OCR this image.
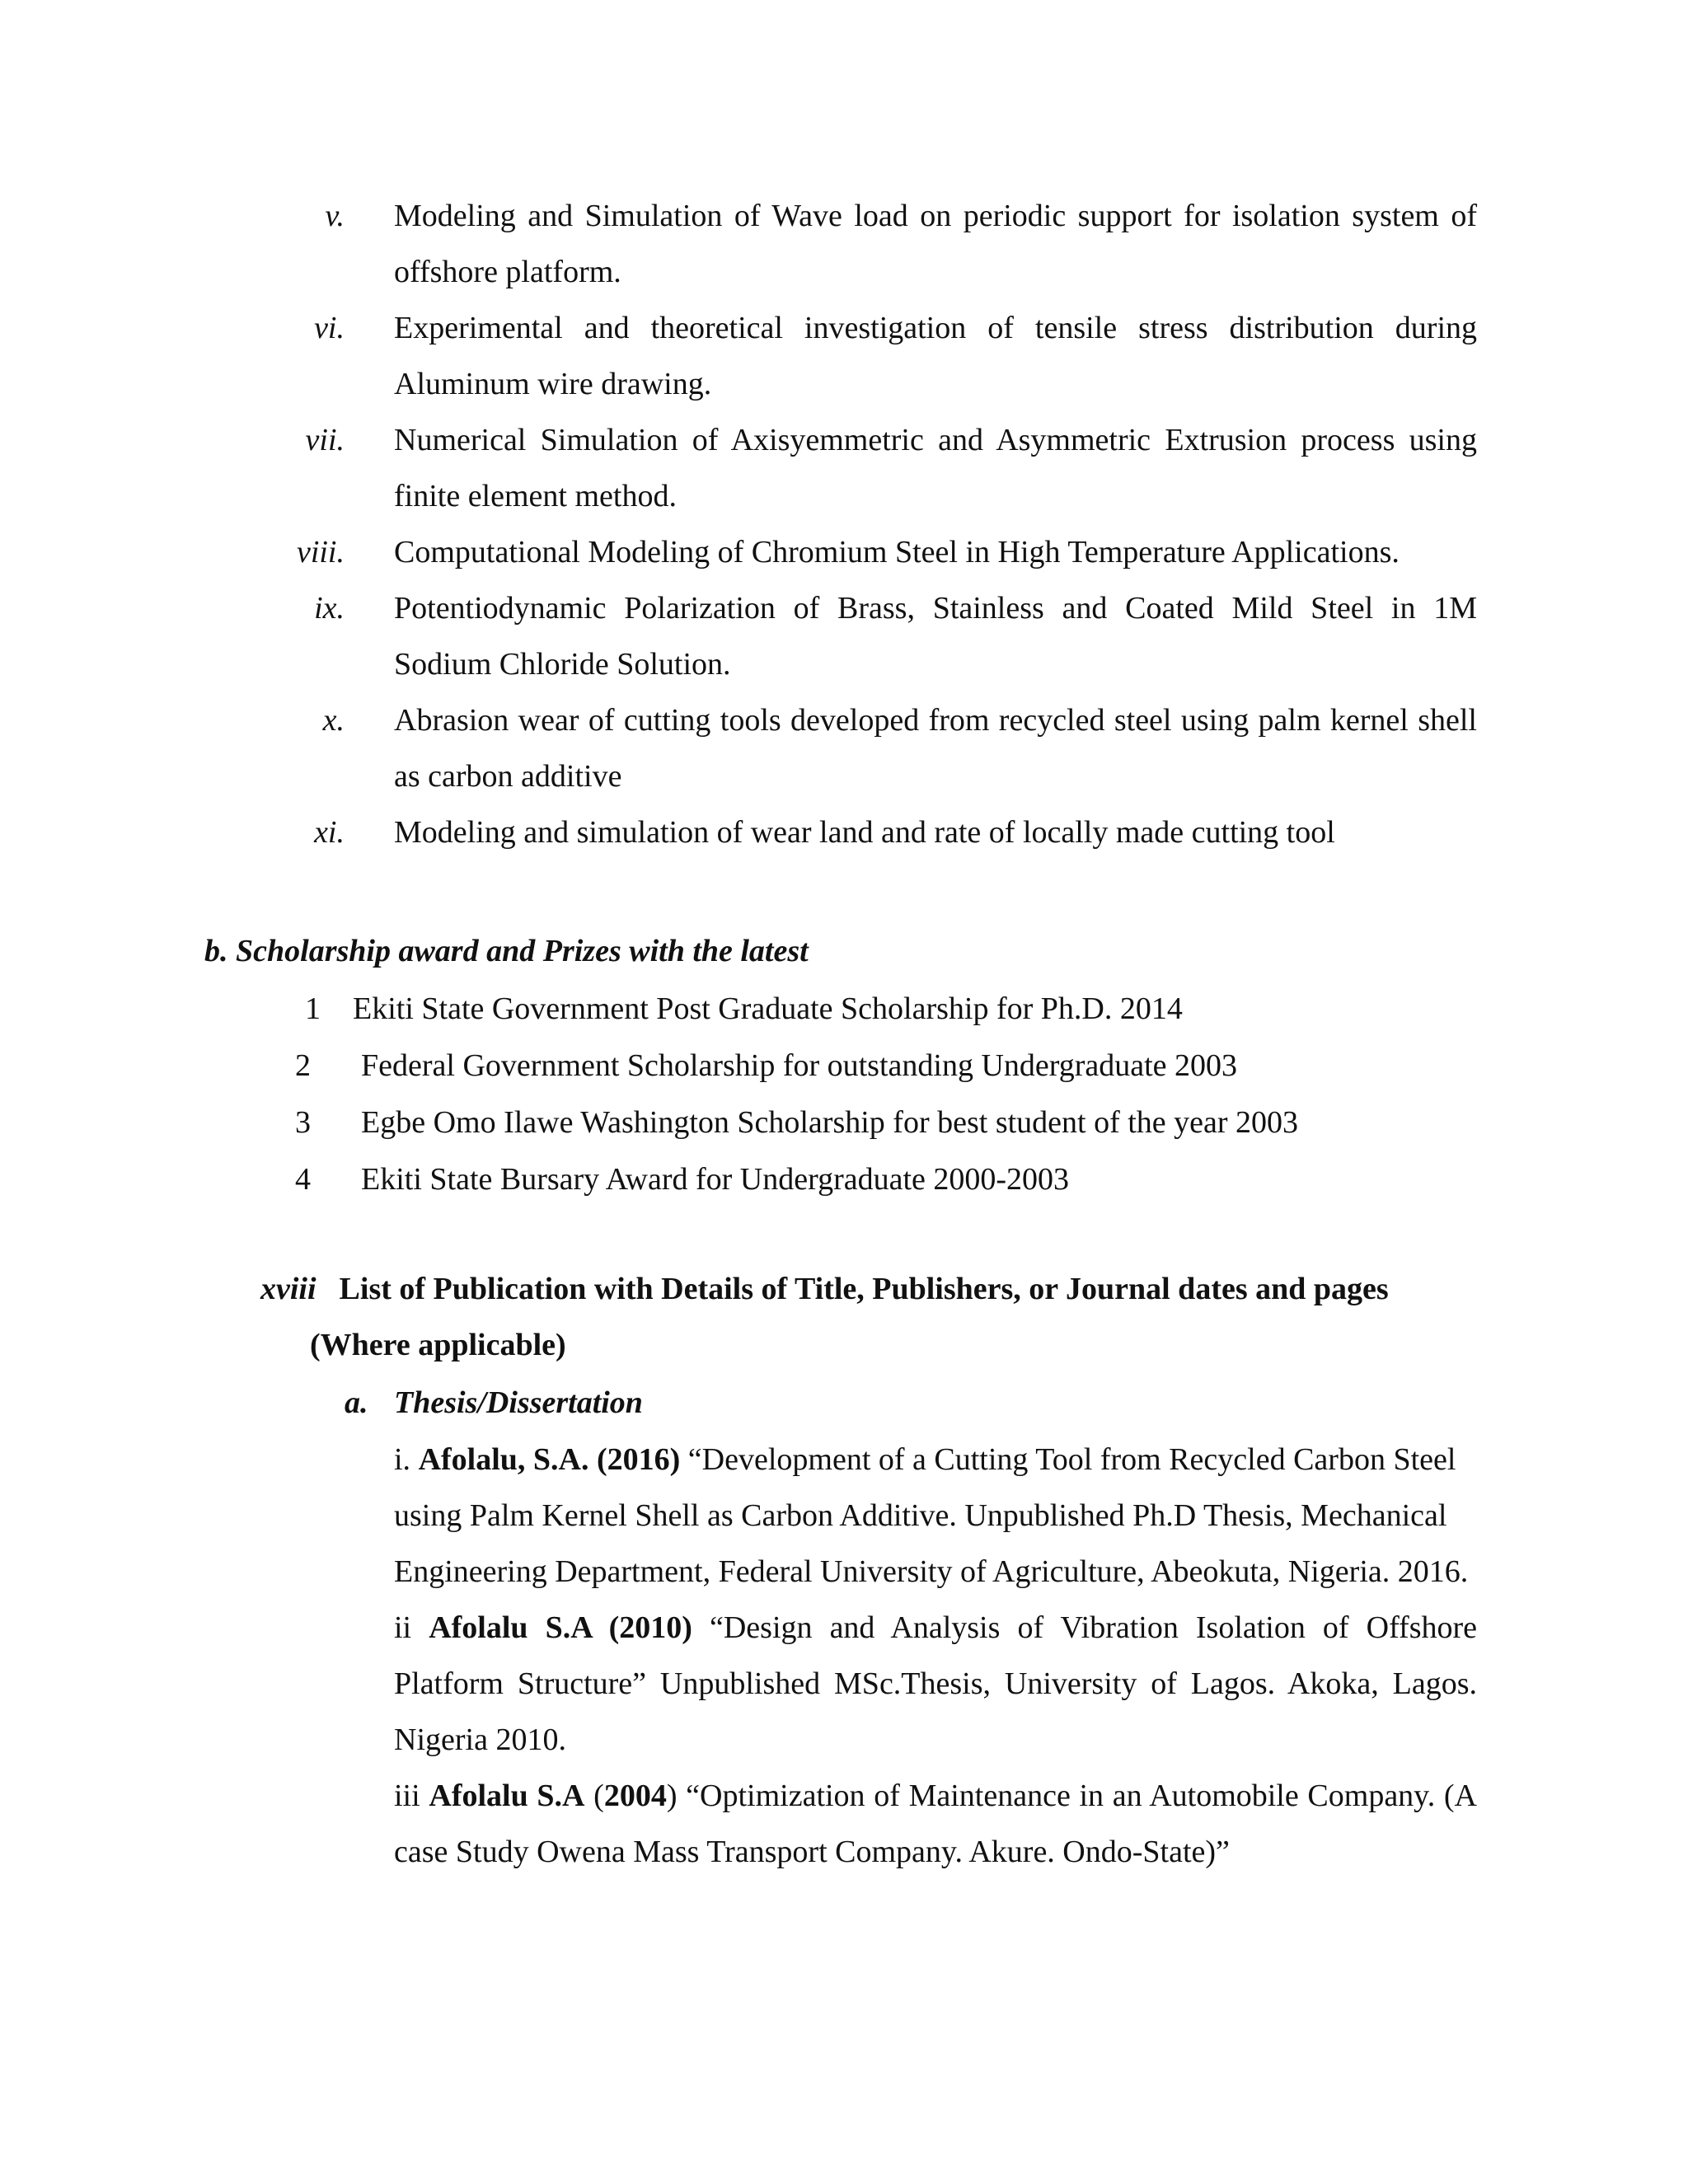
v. Modeling and Simulation of Wave load on periodic support for isolation system of offshore platform.
vi. Experimental and theoretical investigation of tensile stress distribution during Aluminum wire drawing.
vii. Numerical Simulation of Axisyemmetric and Asymmetric Extrusion process using finite element method.
viii. Computational Modeling of Chromium Steel in High Temperature Applications.
ix. Potentiodynamic Polarization of Brass, Stainless and Coated Mild Steel in 1M Sodium Chloride Solution.
x. Abrasion wear of cutting tools developed from recycled steel using palm kernel shell as carbon additive
xi. Modeling and simulation of wear land and rate of locally made cutting tool
b. Scholarship award and Prizes with the latest
1 Ekiti State Government Post Graduate Scholarship for Ph.D. 2014
2 Federal Government Scholarship for outstanding Undergraduate 2003
3 Egbe Omo Ilawe Washington Scholarship for best student of the year 2003
4 Ekiti State Bursary Award for Undergraduate 2000-2003
xviii List of Publication with Details of Title, Publishers, or Journal dates and pages
(Where applicable)
a. Thesis/Dissertation
i. Afolalu, S.A. (2016) “Development of a Cutting Tool from Recycled Carbon Steel using Palm Kernel Shell as Carbon Additive. Unpublished Ph.D Thesis, Mechanical Engineering Department, Federal University of Agriculture, Abeokuta, Nigeria. 2016.
ii Afolalu S.A (2010) “Design and Analysis of Vibration Isolation of Offshore Platform Structure” Unpublished MSc.Thesis, University of Lagos. Akoka, Lagos. Nigeria 2010.
iii Afolalu S.A (2004) “Optimization of Maintenance in an Automobile Company. (A case Study Owena Mass Transport Company. Akure. Ondo-State)”
